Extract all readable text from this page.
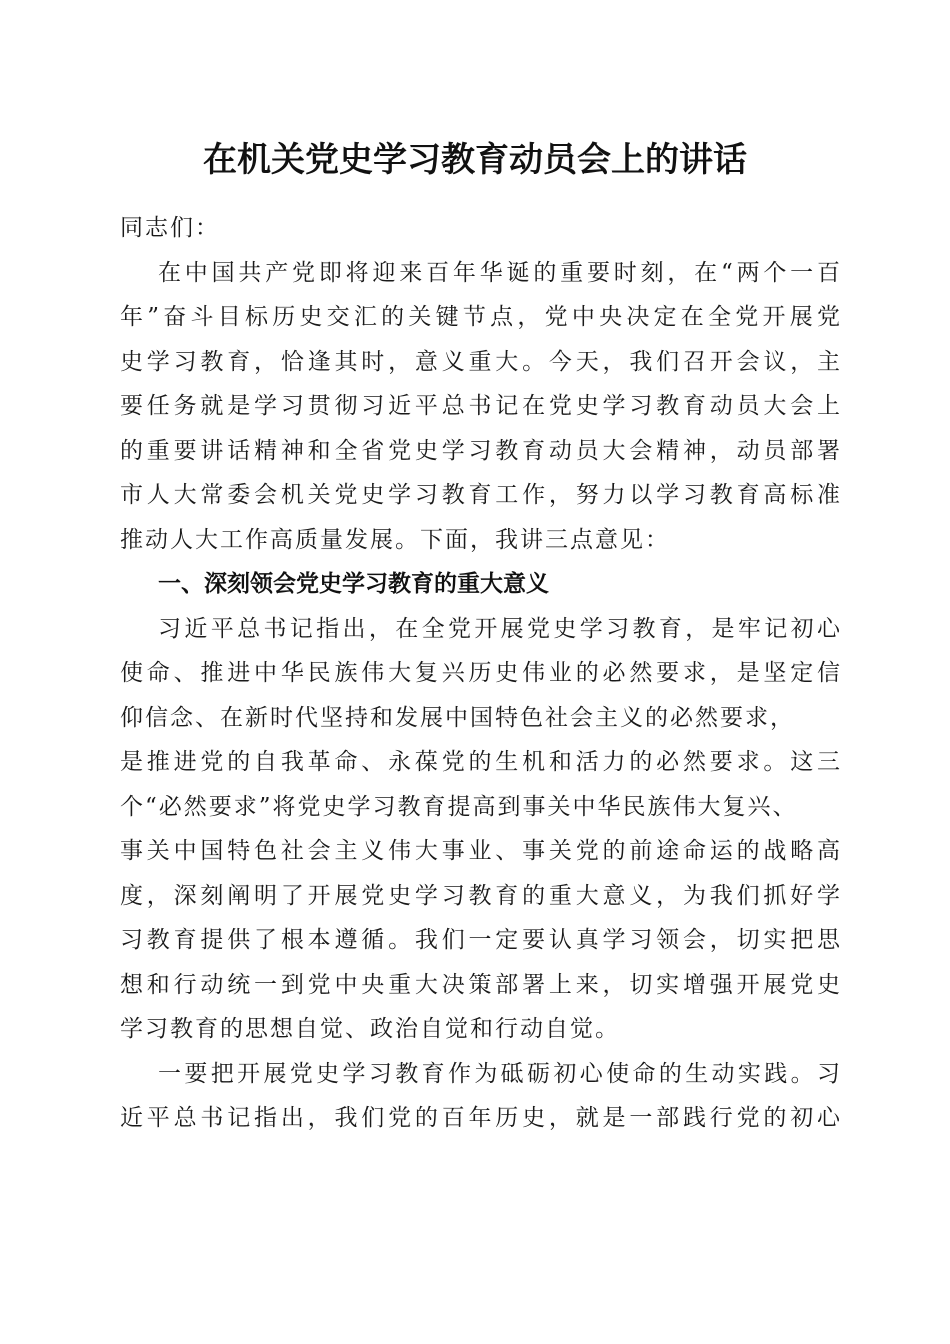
在机关党史学习教育动员会上的讲话
同志们：
在中国共产党即将迎来百年华诞的重要时刻，在“两个一百
年”奋斗目标历史交汇的关键节点，党中央决定在全党开展党
史学习教育，恰逢其时，意义重大。今天，我们召开会议，主
要任务就是学习贯彻习近平总书记在党史学习教育动员大会上
的重要讲话精神和全省党史学习教育动员大会精神，动员部署
市人大常委会机关党史学习教育工作，努力以学习教育高标准
推动人大工作高质量发展。下面，我讲三点意见：
一、深刻领会党史学习教育的重大意义
习近平总书记指出，在全党开展党史学习教育，是牢记初心
使命、推进中华民族伟大复兴历史伟业的必然要求，是坚定信
仰信念、在新时代坚持和发展中国特色社会主义的必然要求，
是推进党的自我革命、永葆党的生机和活力的必然要求。这三
个“必然要求”将党史学习教育提高到事关中华民族伟大复兴、
事关中国特色社会主义伟大事业、事关党的前途命运的战略高
度，深刻阐明了开展党史学习教育的重大意义，为我们抓好学
习教育提供了根本遵循。我们一定要认真学习领会，切实把思
想和行动统一到党中央重大决策部署上来，切实增强开展党史
学习教育的思想自觉、政治自觉和行动自觉。
一要把开展党史学习教育作为砥砺初心使命的生动实践。习
近平总书记指出，我们党的百年历史，就是一部践行党的初心
